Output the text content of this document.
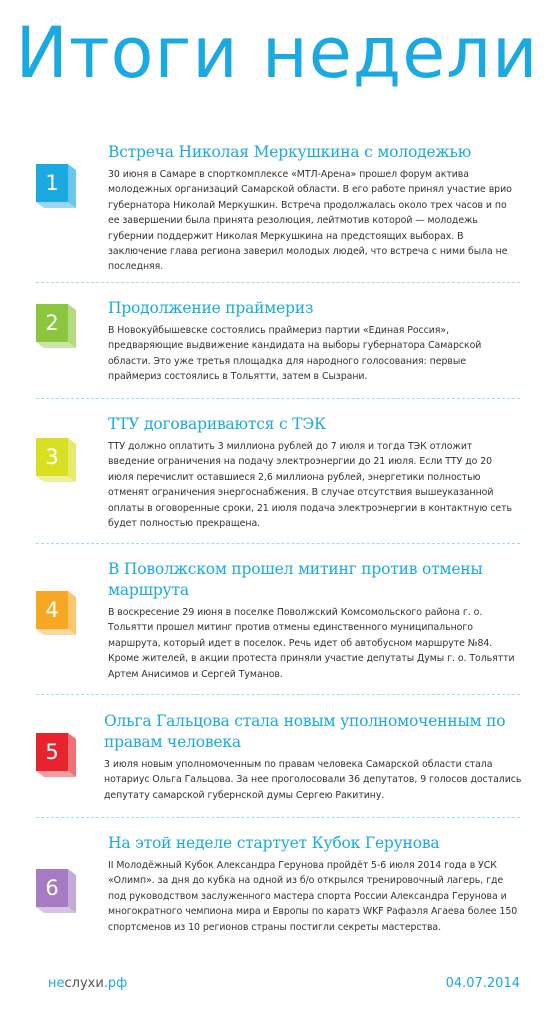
Итоги недели
1
Встреча Николая Меркушкина с молодежью
30 июня в Самаре в спорткомплексе «МТЛ-Арена» прошел форум актива молодежных организаций Самарской области. В его работе принял участие врио губернатора Николай Меркушкин. Встреча продолжалась около трех часов и по ее завершении была принята резолюция, лейтмотив которой — молодежь губернии поддержит Николая Меркушкина на предстоящих выборах. В заключение глава региона заверил молодых людей, что встреча с ними была не последняя.
2
Продолжение праймериз
В Новокуйбышевске состоялись праймериз партии «Единая Россия», предваряющие выдвижение кандидата на выборы губернатора Самарской области. Это уже третья площадка для народного голосования: первые праймериз состоялись в Тольятти, затем в Сызрани.
3
ТТУ договариваются с ТЭК
ТТУ должно оплатить 3 миллиона рублей до 7 июля и тогда ТЭК отложит введение ограничения на подачу электроэнергии до 21 июля. Если ТТУ до 20 июля перечислит оставшиеся 2,6 миллиона рублей, энергетики полностью отменят ограничения энергоснабжения. В случае отсутствия вышеуказанной оплаты в оговоренные сроки, 21 июля подача электроэнергии в контактную сеть будет полностью прекращена.
4
В Поволжском прошел митинг против отмены маршрута
В воскресение 29 июня в поселке Поволжский Комсомольского района г. о. Тольятти прошел митинг против отмены единственного муниципального маршрута, который идет в поселок. Речь идет об автобусном маршруте №84. Кроме жителей, в акции протеста приняли участие депутаты Думы г. о. Тольятти Артем Анисимов и Сергей Туманов.
5
Ольга Гальцова стала новым уполномоченным по правам человека
3 июля новым уполномоченным по правам человека Самарской области стала нотариус Ольга Гальцова. За нее проголосовали 36 депутатов, 9 голосов достались депутату самарской губернской думы Сергею Ракитину.
6
На этой неделе стартует Кубок Герунова
II Молодёжный Кубок Александра Герунова пройдёт 5-6 июля 2014 года в УСК «Олимп». за дня до кубка на одной из б/о открылся тренировочный лагерь, где под руководством заслуженного мастера спорта России Александра Герунова и многократного чемпиона мира и Европы по каратэ WKF Рафаэля Агаева более 150 спортсменов из 10 регионов страны постигли секреты мастерства.
неслухи.рф	04.07.2014
